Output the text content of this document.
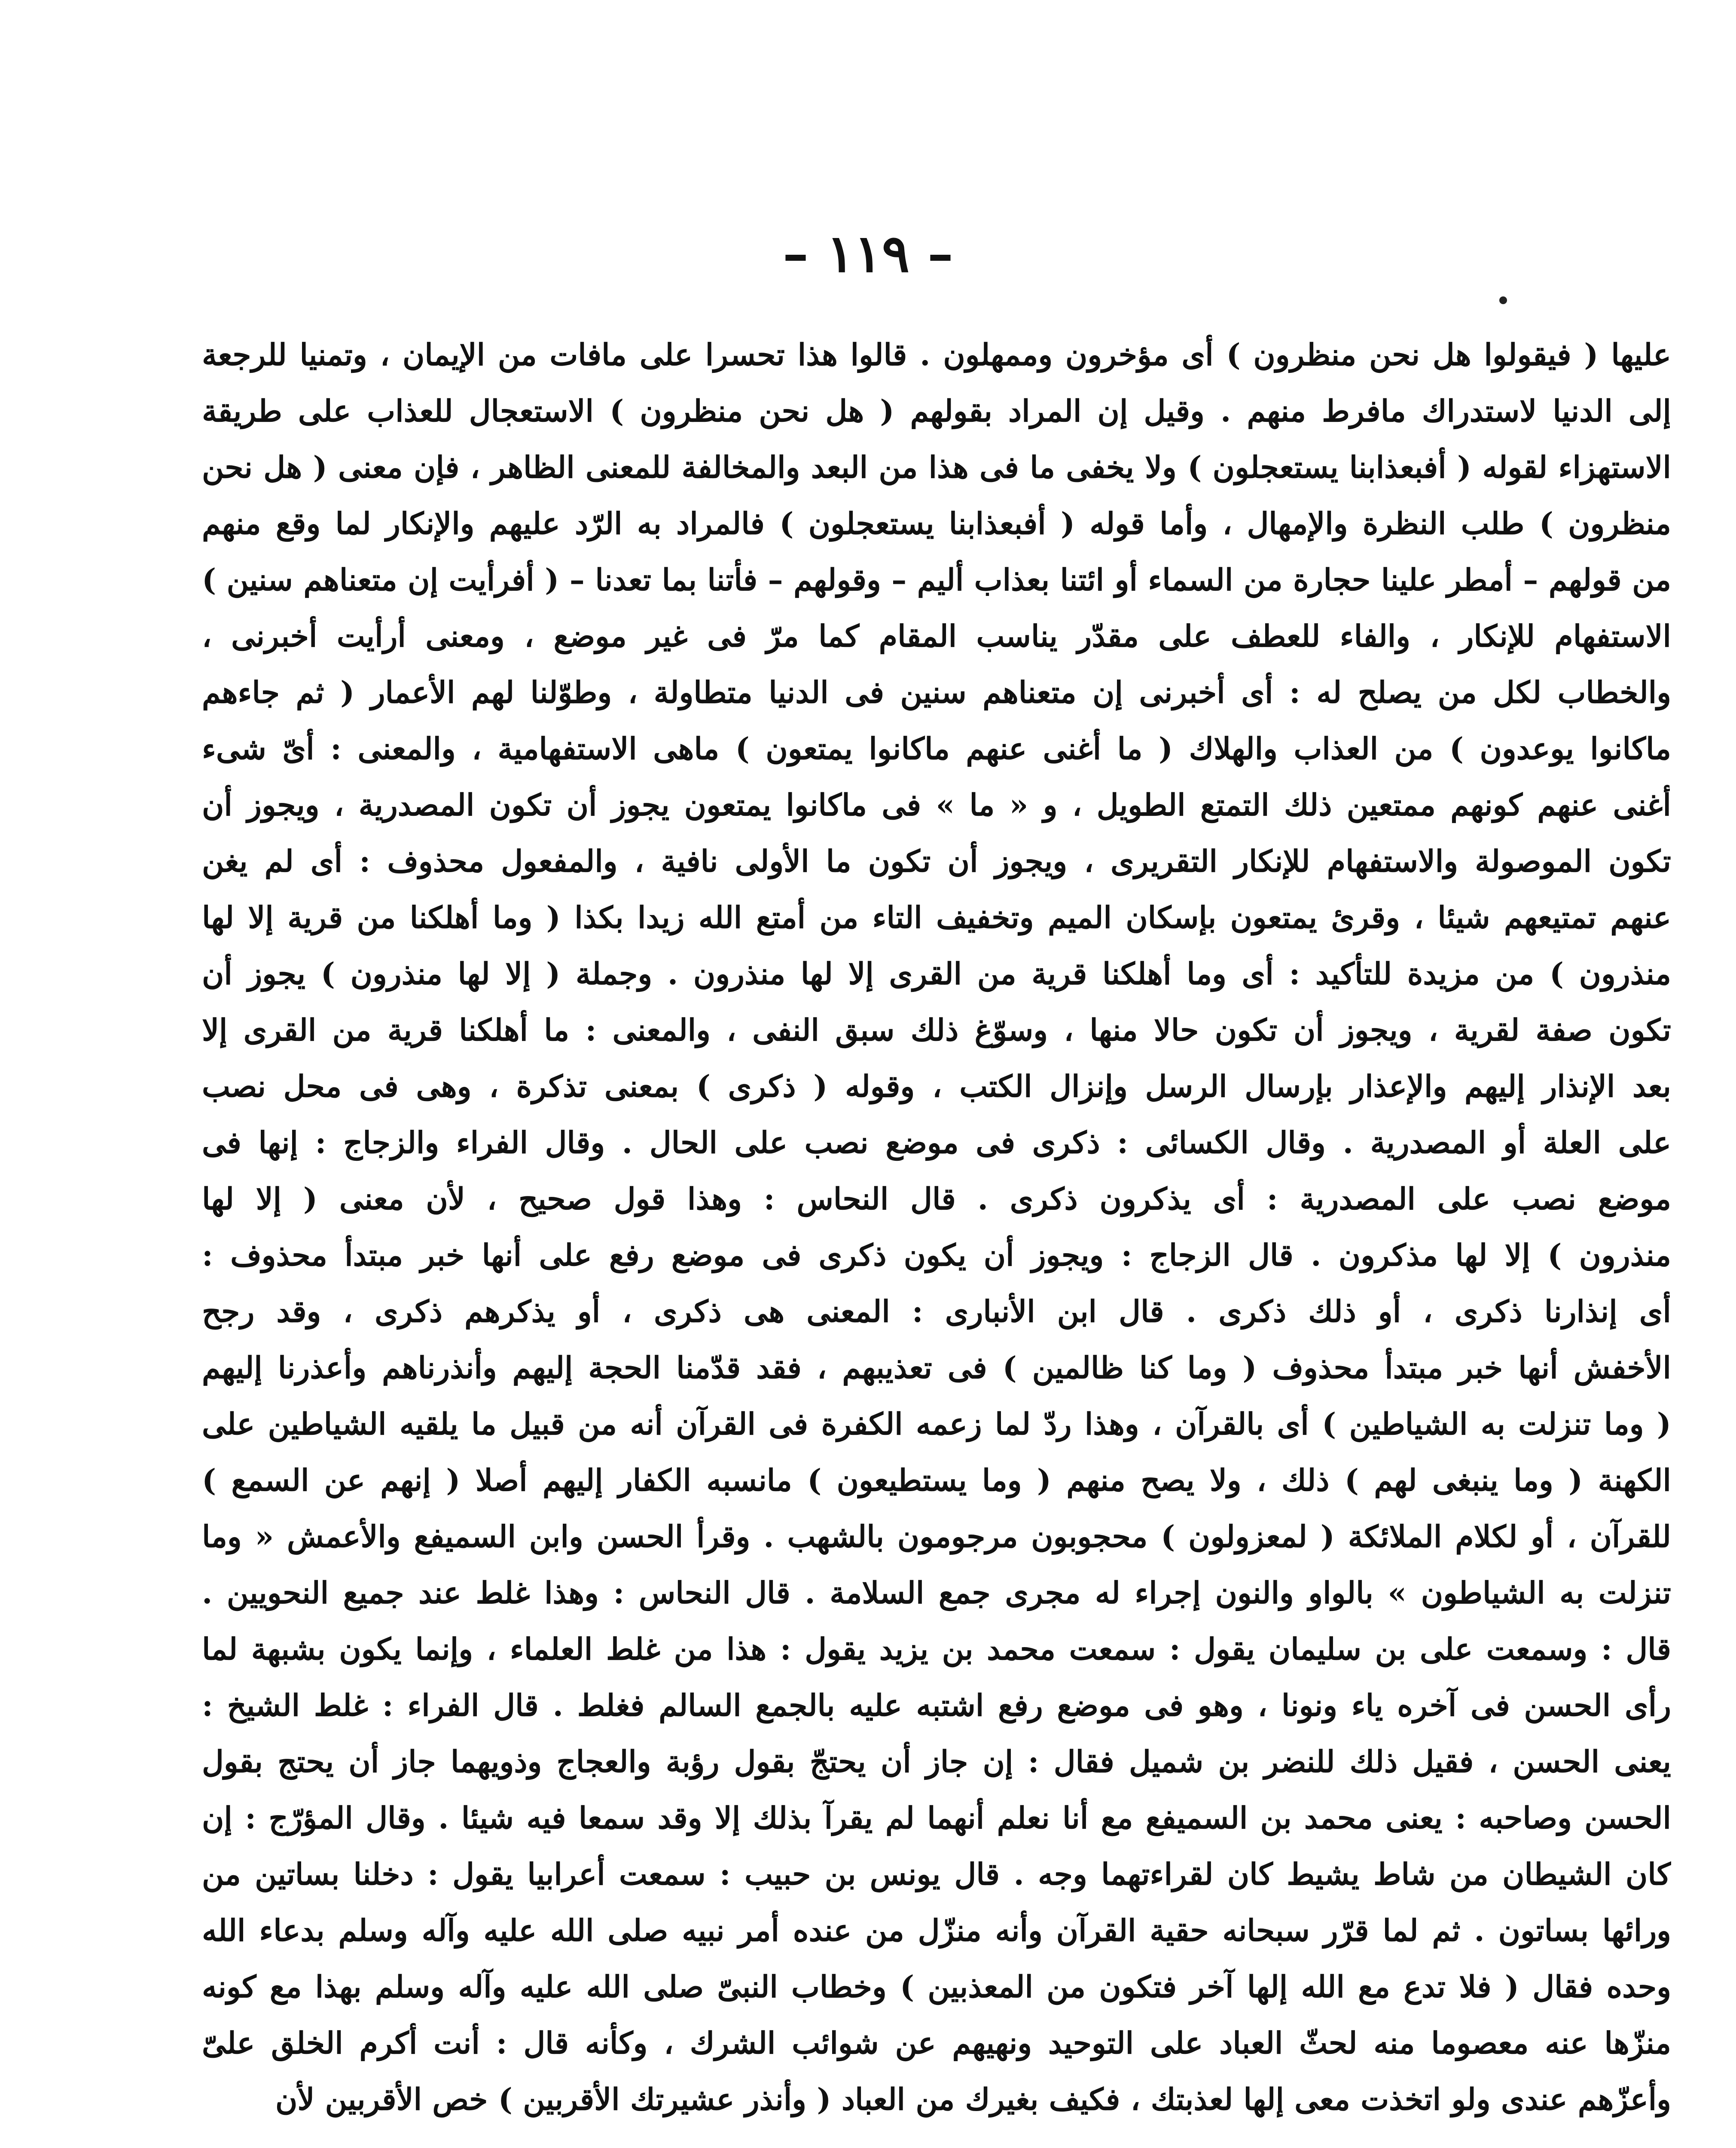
– ١١٩ –
عليها ( فيقولوا هل نحن منظرون ) أى مؤخرون وممهلون . قالوا هذا تحسرا على مافات من الإيمان ، وتمنيا للرجعة
إلى الدنيا لاستدراك مافرط منهم . وقيل إن المراد بقولهم ( هل نحن منظرون ) الاستعجال للعذاب على طريقة
الاستهزاء لقوله ( أفبعذابنا يستعجلون ) ولا يخفى ما فى هذا من البعد والمخالفة للمعنى الظاهر ، فإن معنى ( هل نحن
منظرون ) طلب النظرة والإمهال ، وأما قوله ( أفبعذابنا يستعجلون ) فالمراد به الرّد عليهم والإنكار لما وقع منهم
من قولهم – أمطر علينا حجارة من السماء أو ائتنا بعذاب أليم – وقولهم – فأتنا بما تعدنا – ( أفرأيت إن متعناهم سنين )
الاستفهام للإنكار ، والفاء للعطف على مقدّر يناسب المقام كما مرّ فى غير موضع ، ومعنى أرأيت أخبرنى ،
والخطاب لكل من يصلح له : أى أخبرنى إن متعناهم سنين فى الدنيا متطاولة ، وطوّلنا لهم الأعمار ( ثم جاءهم
ماكانوا يوعدون ) من العذاب والهلاك ( ما أغنى عنهم ماكانوا يمتعون ) ماهى الاستفهامية ، والمعنى : أىّ شىء
أغنى عنهم كونهم ممتعين ذلك التمتع الطويل ، و « ما » فى ماكانوا يمتعون يجوز أن تكون المصدرية ، ويجوز أن
تكون الموصولة والاستفهام للإنكار التقريرى ، ويجوز أن تكون ما الأولى نافية ، والمفعول محذوف : أى لم يغن
عنهم تمتيعهم شيئا ، وقرئ يمتعون بإسكان الميم وتخفيف التاء من أمتع الله زيدا بكذا ( وما أهلكنا من قرية إلا لها
منذرون ) من مزيدة للتأكيد : أى وما أهلكنا قرية من القرى إلا لها منذرون . وجملة ( إلا لها منذرون ) يجوز أن
تكون صفة لقرية ، ويجوز أن تكون حالا منها ، وسوّغ ذلك سبق النفى ، والمعنى : ما أهلكنا قرية من القرى إلا
بعد الإنذار إليهم والإعذار بإرسال الرسل وإنزال الكتب ، وقوله ( ذكرى ) بمعنى تذكرة ، وهى فى محل نصب
على العلة أو المصدرية . وقال الكسائى : ذكرى فى موضع نصب على الحال . وقال الفراء والزجاج : إنها فى
موضع نصب على المصدرية : أى يذكرون ذكرى . قال النحاس : وهذا قول صحيح ، لأن معنى ( إلا لها
منذرون ) إلا لها مذكرون . قال الزجاج : ويجوز أن يكون ذكرى فى موضع رفع على أنها خبر مبتدأ محذوف :
أى إنذارنا ذكرى ، أو ذلك ذكرى . قال ابن الأنبارى : المعنى هى ذكرى ، أو يذكرهم ذكرى ، وقد رجح
الأخفش أنها خبر مبتدأ محذوف ( وما كنا ظالمين ) فى تعذيبهم ، فقد قدّمنا الحجة إليهم وأنذرناهم وأعذرنا إليهم
( وما تنزلت به الشياطين ) أى بالقرآن ، وهذا ردّ لما زعمه الكفرة فى القرآن أنه من قبيل ما يلقيه الشياطين على
الكهنة ( وما ينبغى لهم ) ذلك ، ولا يصح منهم ( وما يستطيعون ) مانسبه الكفار إليهم أصلا ( إنهم عن السمع )
للقرآن ، أو لكلام الملائكة ( لمعزولون ) محجوبون مرجومون بالشهب . وقرأ الحسن وابن السميفع والأعمش « وما
تنزلت به الشياطون » بالواو والنون إجراء له مجرى جمع السلامة . قال النحاس : وهذا غلط عند جميع النحويين .
قال : وسمعت على بن سليمان يقول : سمعت محمد بن يزيد يقول : هذا من غلط العلماء ، وإنما يكون بشبهة لما
رأى الحسن فى آخره ياء ونونا ، وهو فى موضع رفع اشتبه عليه بالجمع السالم فغلط . قال الفراء : غلط الشيخ :
يعنى الحسن ، فقيل ذلك للنضر بن شميل فقال : إن جاز أن يحتجّ بقول رؤبة والعجاج وذويهما جاز أن يحتج بقول
الحسن وصاحبه : يعنى محمد بن السميفع مع أنا نعلم أنهما لم يقرآ بذلك إلا وقد سمعا فيه شيئا . وقال المؤرّج : إن
كان الشيطان من شاط يشيط كان لقراءتهما وجه . قال يونس بن حبيب : سمعت أعرابيا يقول : دخلنا بساتين من
ورائها بساتون . ثم لما قرّر سبحانه حقية القرآن وأنه منزّل من عنده أمر نبيه صلى الله عليه وآله وسلم بدعاء الله
وحده فقال ( فلا تدع مع الله إلها آخر فتكون من المعذبين ) وخطاب النبىّ صلى الله عليه وآله وسلم بهذا مع كونه
منزّها عنه معصوما منه لحثّ العباد على التوحيد ونهيهم عن شوائب الشرك ، وكأنه قال : أنت أكرم الخلق علىّ
وأعزّهم عندى ولو اتخذت معى إلها لعذبتك ، فكيف بغيرك من العباد ( وأنذر عشيرتك الأقربين ) خص الأقربين لأن
